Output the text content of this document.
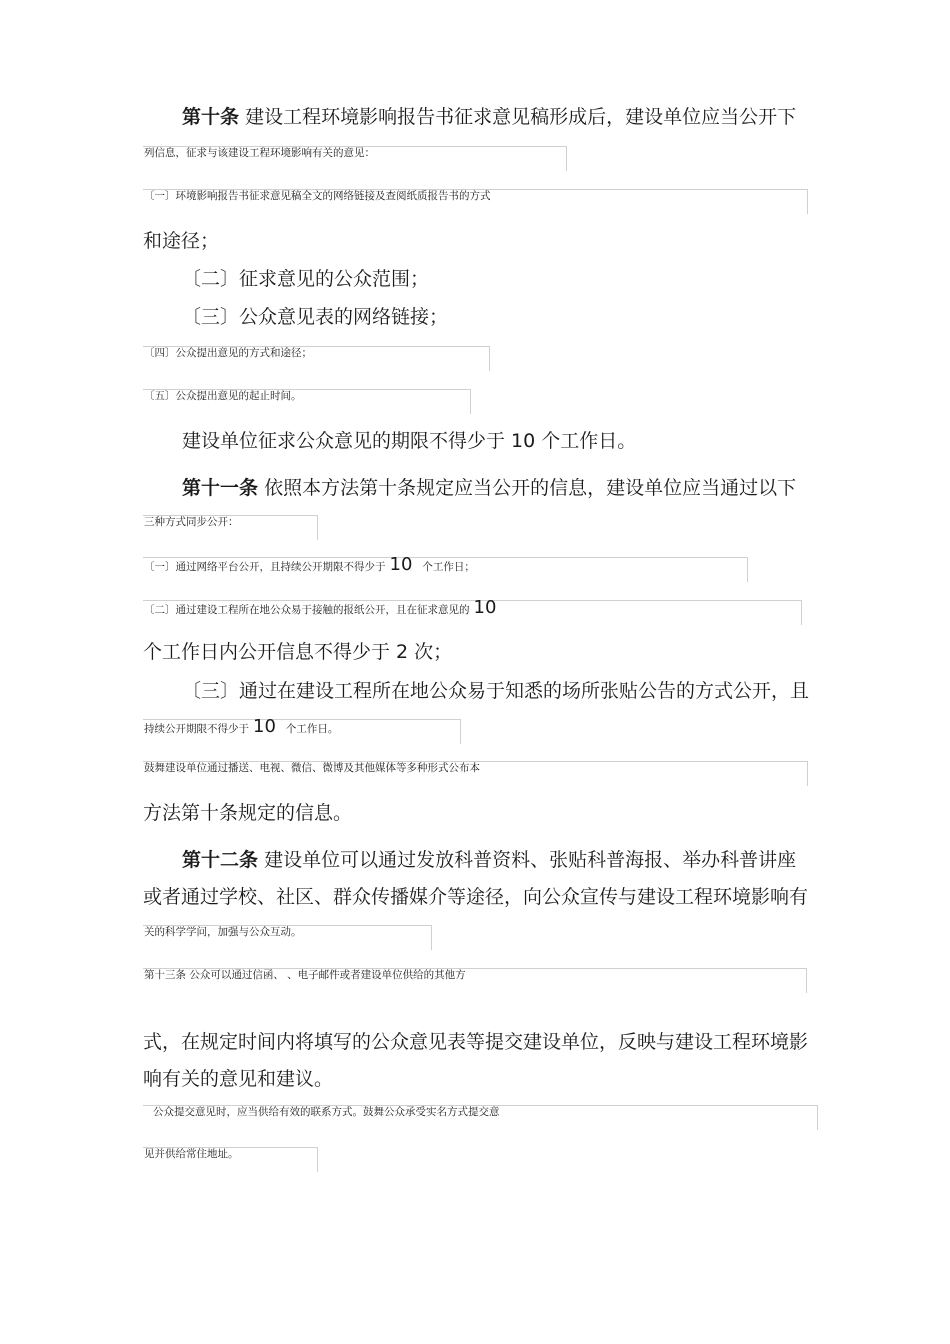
第十条 建设工程环境影响报告书征求意见稿形成后，建设单位应当公开下
列信息，征求与该建设工程环境影响有关的意见：
〔一〕环境影响报告书征求意见稿全文的网络链接及查阅纸质报告书的方式
和途径；
〔二〕征求意见的公众范围；
〔三〕公众意见表的网络链接；
〔四〕公众提出意见的方式和途径；
〔五〕公众提出意见的起止时间。
建设单位征求公众意见的期限不得少于 10 个工作日。
第十一条 依照本方法第十条规定应当公开的信息，建设单位应当通过以下
三种方式同步公开：
〔一〕通过网络平台公开，且持续公开期限不得少于 10 个工作日；
〔二〕通过建设工程所在地公众易于接触的报纸公开，且在征求意见的 10
个工作日内公开信息不得少于 2 次；
〔三〕通过在建设工程所在地公众易于知悉的场所张贴公告的方式公开，且
持续公开期限不得少于 10 个工作日。
鼓舞建设单位通过播送、电视、微信、微博及其他媒体等多种形式公布本
方法第十条规定的信息。
第十二条 建设单位可以通过发放科普资料、张贴科普海报、举办科普讲座
或者通过学校、社区、群众传播媒介等途径，向公众宣传与建设工程环境影响有
关的科学学问，加强与公众互动。
第十三条 公众可以通过信函、 、电子邮件或者建设单位供给的其他方
式，在规定时间内将填写的公众意见表等提交建设单位，反映与建设工程环境影
响有关的意见和建议。
公众提交意见时，应当供给有效的联系方式。鼓舞公众承受实名方式提交意
见并供给常住地址。
